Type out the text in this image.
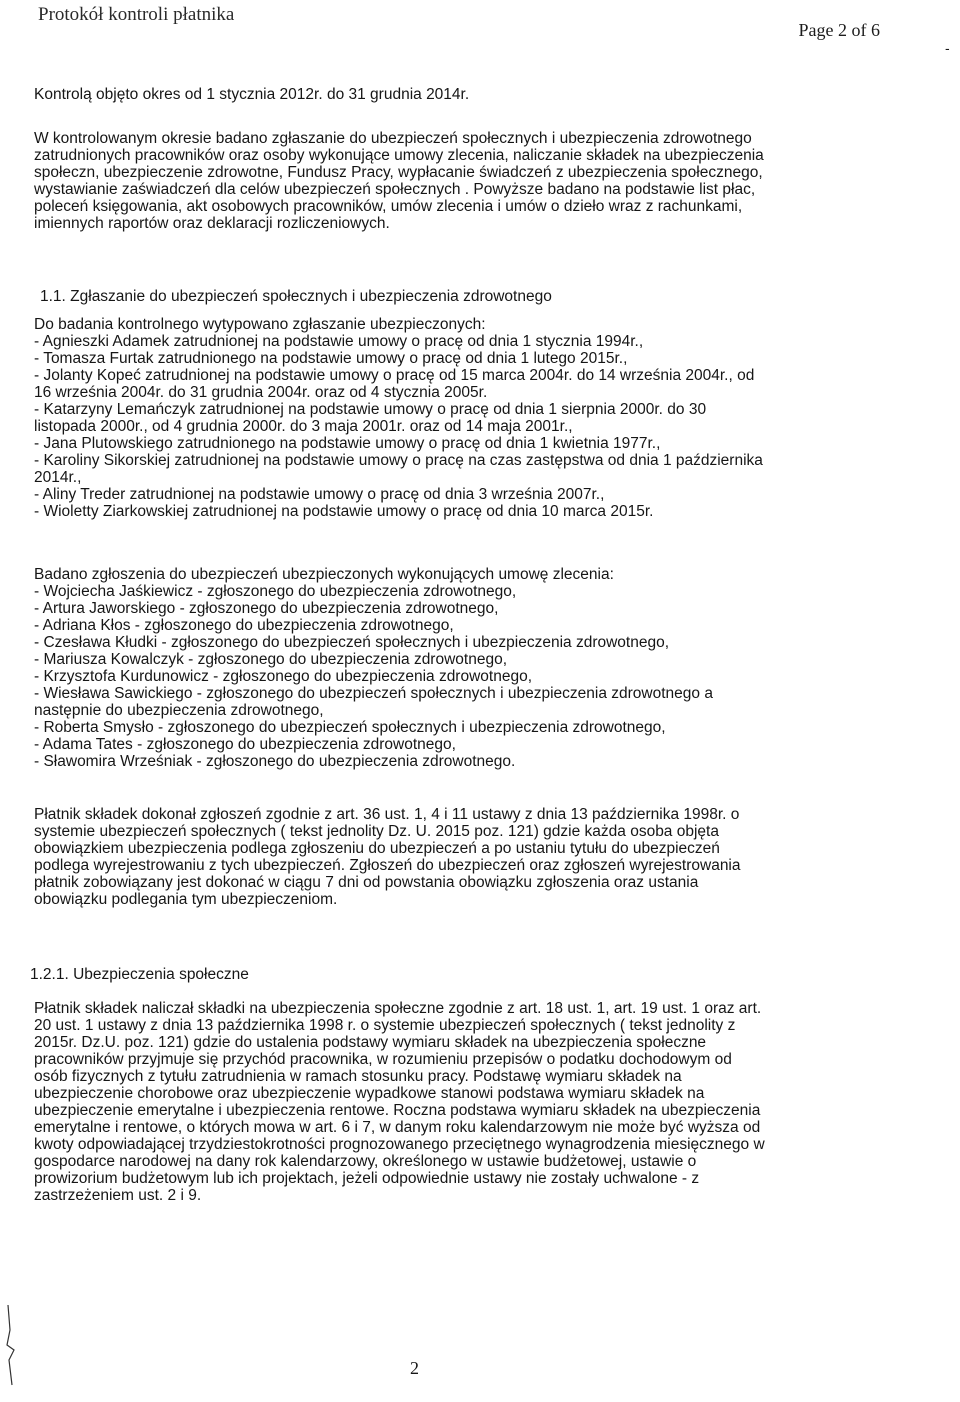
Protokół kontroli płatnika
Page 2 of 6
-
Kontrolą objęto okres od 1 stycznia 2012r. do 31 grudnia 2014r.
W kontrolowanym okresie badano zgłaszanie do ubezpieczeń społecznych i ubezpieczenia zdrowotnego
zatrudnionych pracowników oraz osoby wykonujące umowy zlecenia, naliczanie składek na ubezpieczenia
społeczn, ubezpieczenie zdrowotne, Fundusz Pracy, wypłacanie świadczeń z ubezpieczenia społecznego,
wystawianie zaświadczeń dla celów ubezpieczeń społecznych . Powyższe badano na podstawie list płac,
poleceń księgowania, akt osobowych pracowników, umów zlecenia i umów o dzieło wraz z rachunkami,
imiennych raportów oraz deklaracji rozliczeniowych.
1.1. Zgłaszanie do ubezpieczeń społecznych i ubezpieczenia zdrowotnego
Do badania kontrolnego wytypowano zgłaszanie ubezpieczonych:
- Agnieszki Adamek zatrudnionej na podstawie umowy o pracę od dnia 1 stycznia 1994r.,
- Tomasza Furtak zatrudnionego na podstawie umowy o pracę od dnia 1 lutego 2015r.,
- Jolanty Kopeć zatrudnionej na podstawie umowy o pracę od 15 marca 2004r. do 14 września 2004r., od
16 września 2004r. do 31 grudnia 2004r. oraz od 4 stycznia 2005r.
- Katarzyny Lemańczyk zatrudnionej na podstawie umowy o pracę od dnia 1 sierpnia 2000r. do 30
listopada 2000r., od 4 grudnia 2000r. do 3 maja 2001r. oraz od 14 maja 2001r.,
- Jana Plutowskiego zatrudnionego na podstawie umowy o pracę od dnia 1 kwietnia 1977r.,
- Karoliny Sikorskiej zatrudnionej na podstawie umowy o pracę na czas zastępstwa od dnia 1 października
2014r.,
- Aliny Treder zatrudnionej na podstawie umowy o pracę od dnia 3 września 2007r.,
- Wioletty Ziarkowskiej zatrudnionej na podstawie umowy o pracę od dnia 10 marca 2015r.
Badano zgłoszenia do ubezpieczeń ubezpieczonych wykonujących umowę zlecenia:
- Wojciecha Jaśkiewicz - zgłoszonego do ubezpieczenia zdrowotnego,
- Artura Jaworskiego - zgłoszonego do ubezpieczenia zdrowotnego,
- Adriana Kłos - zgłoszonego do ubezpieczenia zdrowotnego,
- Czesława Kłudki - zgłoszonego do ubezpieczeń społecznych i ubezpieczenia zdrowotnego,
- Mariusza Kowalczyk - zgłoszonego do ubezpieczenia zdrowotnego,
- Krzysztofa Kurdunowicz - zgłoszonego do ubezpieczenia zdrowotnego,
- Wiesława Sawickiego - zgłoszonego do ubezpieczeń społecznych i ubezpieczenia zdrowotnego a
następnie do ubezpieczenia zdrowotnego,
- Roberta Smysło - zgłoszonego do ubezpieczeń społecznych i ubezpieczenia zdrowotnego,
- Adama Tates - zgłoszonego do ubezpieczenia zdrowotnego,
- Sławomira Wrześniak - zgłoszonego do ubezpieczenia zdrowotnego.
Płatnik składek dokonał zgłoszeń zgodnie z art. 36 ust. 1, 4 i 11 ustawy z dnia 13 października 1998r. o
systemie ubezpieczeń społecznych ( tekst jednolity Dz. U. 2015 poz. 121) gdzie każda osoba objęta
obowiązkiem ubezpieczenia podlega zgłoszeniu do ubezpieczeń a po ustaniu tytułu do ubezpieczeń
podlega wyrejestrowaniu z tych ubezpieczeń. Zgłoszeń do ubezpieczeń oraz zgłoszeń wyrejestrowania
płatnik zobowiązany jest dokonać w ciągu 7 dni od powstania obowiązku zgłoszenia oraz ustania
obowiązku podlegania tym ubezpieczeniom.
1.2.1. Ubezpieczenia społeczne
Płatnik składek naliczał składki na ubezpieczenia społeczne zgodnie z art. 18 ust. 1, art. 19 ust. 1 oraz art.
20 ust. 1 ustawy z dnia 13 października 1998 r. o systemie ubezpieczeń społecznych ( tekst jednolity z
2015r. Dz.U. poz. 121) gdzie do ustalenia podstawy wymiaru składek na ubezpieczenia społeczne
pracowników przyjmuje się przychód pracownika, w rozumieniu przepisów o podatku dochodowym od
osób fizycznych z tytułu zatrudnienia w ramach stosunku pracy. Podstawę wymiaru składek na
ubezpieczenie chorobowe oraz ubezpieczenie wypadkowe stanowi podstawa wymiaru składek na
ubezpieczenie emerytalne i ubezpieczenia rentowe. Roczna podstawa wymiaru składek na ubezpieczenia
emerytalne i rentowe, o których mowa w art. 6 i 7, w danym roku kalendarzowym nie może być wyższa od
kwoty odpowiadającej trzydziestokrotności prognozowanego przeciętnego wynagrodzenia miesięcznego w
gospodarce narodowej na dany rok kalendarzowy, określonego w ustawie budżetowej, ustawie o
prowizorium budżetowym lub ich projektach, jeżeli odpowiednie ustawy nie zostały uchwalone - z
zastrzeżeniem ust. 2 i 9.
2
